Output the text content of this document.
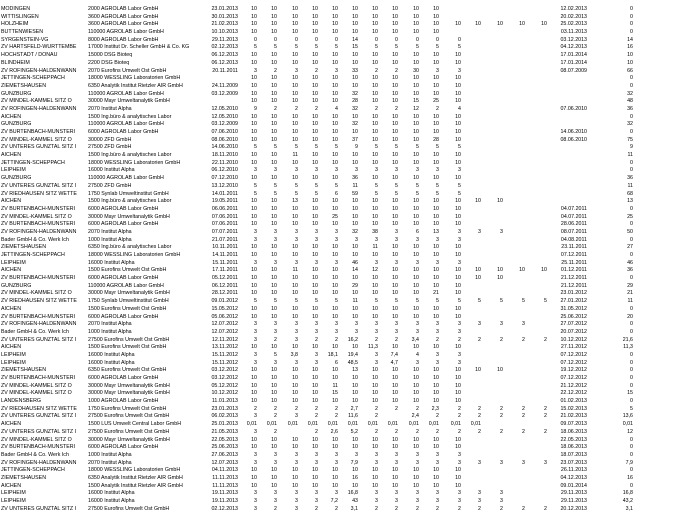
MÖDINGEN	2000 AGROLAB Labor GmbH	23.01.2013	10	10	10	10	10	10	10	10	10	10	12.02.2013	0
WITTISLINGEN	3600 AGROLAB Labor GmbH	30.01.2013	10	10	10	10	10	10	10	10	10	10	20.02.2013	0
HOLZHEIM	3600 AGROLAB Labor GmbH	21.02.2013	10	10	10	10	10	10	10	10	10	10	10	10	10	10	10	25.02.2013	0
BUTTENWIESEN	110000 AGROLAB Labor GmbH	10.10.2013	10	10	10	10	10	10	10	10	10	10	03.11.2013	0
SYRGENSTEIN-VG	8000 AGROLAB Labor GmbH	29.11.2013	0	0	0	0	0	14	0	0	0	0	0	03.12.2013	14
ZV HÄRTSFELD-WÜRTTEMBE	17000 Institut Dr. Scheller GmbH & Co. KG	02.12.2013	5	5	5	5	5	15	5	5	5	5	5	04.12.2013	16
HÖCHSTÄDT / DONAU	15000 DSG Bioteq	06.12.2013	10	10	10	10	10	10	10	10	10	10	10	17.01.2014	10
BLINDHEIM	2200 DSG Bioteq	06.12.2013	10	10	10	10	10	10	10	10	10	10	10	17.01.2014	10
ZV RÖFINGEN-HALDENWANN	2070 Eurofins Umwelt Ost GmbH	20.11.2011	3	2	3	2	3	33	2	2	30	3	3	08.07.2009	66
JETTINGEN-SCHEPPACH	18000 WESSLING Laboratorien GmbH	10	10	10	10	10	10	10	10	10	10	10	0
ZIEMETSHAUSEN	6350 Analytik Institut Rietzler AIR GmbH	24.11.2009	10	10	10	10	10	10	10	10	10	10	10	0
GÜNZBURG	110000 AGROLAB Labor GmbH	03.12.2009	10	10	10	10	10	32	10	10	10	10	10	32
ZV MINDEL-KAMMEL SITZ O	30000 Mayr Umweltanalytik GmbH	10	10	10	10	10	28	10	10	15	25	10	48
ZV RÖFINGEN-HALDENWANN	2070 Institut Alpha	12.05.2010	9	2	2	2	4	32	2	2	12	2	4	07.06.2010	36
AICHEN	1500 Ing.büro & analytisches Labor	12.05.2010	10	10	10	10	10	10	10	10	10	10	10	0
GÜNZBURG	110000 AGROLAB Labor GmbH	03.12.2009	10	10	10	10	10	32	10	10	10	10	10	32
ZV BURTENBACH-MÜNSTERI	6000 AGROLAB Labor GmbH	07.06.2010	10	10	10	10	10	10	10	10	10	10	10	14.06.2010	0
ZV MINDEL-KAMMEL SITZ O	30000 ZFD GmbH	08.06.2010	10	10	10	10	10	37	10	10	10	28	10	08.06.2010	75
ZV UNTERES GÜNZTAL SITZ I	27500 ZFD GmbH	14.06.2010	5	5	5	5	5	9	5	5	5	5	5	9
AICHEN	1500 Ing.büro & analytisches Labor	18.11.2010	10	10	11	10	10	10	10	10	10	10	10	11
JETTINGEN-SCHEPPACH	18000 WESSLING Laboratorien GmbH	22.11.2010	10	10	10	10	10	10	10	10	10	10	10	0
LEIPHEIM	16000 Institut Alpha	06.12.2010	3	3	3	3	3	3	3	3	3	3	3	0
GÜNZBURG	110000 AGROLAB Labor GmbH	07.12.2010	10	10	10	10	10	36	10	10	10	10	10	36
ZV UNTERES GÜNZTAL SITZ I	27500 ZFD GmbH	13.12.2010	5	5	5	5	5	11	5	5	5	5	5	11
ZV RIEDHAUSEN SITZ WETTE	1750 Synlab Umweltinstitut GmbH	14.01.2011	5	5	5	5	6	59	5	5	5	5	5	68
AICHEN	1500 Ing.büro & analytisches Labor	19.05.2011	10	10	13	10	10	10	10	10	10	10	10	10	10	13
ZV BURTENBACH-MÜNSTERI	6000 AGROLAB Labor GmbH	06.06.2011	10	10	10	10	10	10	10	10	10	10	10	04.07.2011	0
ZV MINDEL-KAMMEL SITZ O	30000 Mayr Umweltanalytik GmbH	07.06.2011	10	10	10	10	25	10	10	10	10	10	10	04.07.2011	25
ZV BURTENBACH-MÜNSTERI	6000 AGROLAB Labor GmbH	07.06.2011	10	10	10	10	10	10	10	10	10	10	10	28.06.2011	0
ZV RÖFINGEN-HALDENWANN	2070 Institut Alpha	07.07.2011	3	3	3	3	3	32	38	3	6	13	3	3	3	08.07.2011	50
Bader GmbH & Co. Werk Ich	1000 Institut Alpha	21.07.2011	3	3	3	3	3	3	3	3	3	3	3	04.08.2011	0
ZIEMETSHAUSEN	6350 Ing.büro & analytisches Labor	10.11.2011	10	10	10	10	10	10	11	10	10	10	10	23.11.2011	27
JETTINGEN-SCHEPPACH	18000 WESSLING Laboratorien GmbH	14.11.2011	10	10	10	10	10	10	10	10	10	10	10	07.12.2011	0
LEIPHEIM	16000 Institut Alpha	15.11.2011	3	3	3	3	3	46	3	3	3	3	3	25.11.2011	46
AICHEN	1500 Eurofins Umwelt Ost GmbH	17.11.2011	10	10	11	10	10	14	12	10	10	10	10	10	10	10	10	01.12.2011	36
ZV BURTENBACH-MÜNSTERI	6000 AGROLAB Labor GmbH	05.12.2011	10	10	10	10	10	10	10	10	10	10	10	10	10	21.12.2011	0
GÜNZBURG	110000 AGROLAB Labor GmbH	06.12.2011	10	10	10	10	10	29	10	10	10	10	10	21.12.2011	29
ZV MINDEL-KAMMEL SITZ O	30000 Mayr Umweltanalytik GmbH	28.12.2011	10	10	10	10	10	10	10	10	10	21	10	23.01.2012	21
ZV RIEDHAUSEN SITZ WETTE	1750 Synlab Umweltinstitut GmbH	09.01.2012	5	5	5	5	5	11	5	5	5	5	5	5	5	5	5	27.01.2012	11
AICHEN	1500 Eurofins Umwelt Ost GmbH	15.05.2012	10	10	10	10	10	10	10	10	10	10	10	31.05.2012	0
ZV BURTENBACH-MÜNSTERI	6000 AGROLAB Labor GmbH	05.06.2012	10	10	10	10	10	10	10	10	10	10	10	25.06.2012	20
ZV RÖFINGEN-HALDENWANN	2070 Institut Alpha	12.07.2012	3	3	3	3	3	3	3	3	3	3	3	3	3	3	27.07.2012	0
Bader GmbH & Co. Werk Ich	1000 Institut Alpha	12.07.2012	3	3	3	3	3	3	3	3	3	3	3	20.07.2012	0
ZV UNTERES GÜNZTAL SITZ I	27500 Eurofins Umwelt Ost GmbH	12.11.2012	3	2	3	2	2	16,2	2	2	3,4	2	2	2	2	2	2	10.12.2012	21,6
AICHEN	1500 Eurofins Umwelt Ost GmbH	13.11.2012	10	10	10	10	10	10	11,3	10	10	10	10	27.11.2012	11,3
LEIPHEIM	16000 Institut Alpha	15.11.2012	3	5	3,8	3	18,1	19,4	3	7,4	4	3	3	07.12.2012	0
LEIPHEIM	16000 Institut Alpha	15.11.2012	3	3	3	3	6	48,5	3	4,7	3	3	3	07.12.2012	0
ZIEMETSHAUSEN	6350 Eurofins Umwelt Ost GmbH	03.12.2012	10	10	10	10	10	13	10	10	10	10	10	10	10	19.12.2012	0
ZV BURTENBACH-MÜNSTERI	6000 AGROLAB Labor GmbH	03.12.2012	10	10	10	10	10	10	10	10	10	10	10	07.12.2012	0
ZV MINDEL-KAMMEL SITZ O	30000 Mayr Umweltanalytik GmbH	05.12.2012	10	10	10	10	11	10	10	10	10	10	10	21.12.2012	0
ZV MINDEL-KAMMEL SITZ O	30000 Mayr Umweltanalytik GmbH	10.12.2012	10	10	10	10	15	10	10	10	10	10	10	22.12.2012	15
LANDENSBERG	1000 AGROLAB Labor GmbH	11.01.2013	10	10	10	10	10	10	10	10	10	10	10	01.02.2013	0
ZV RIEDHAUSEN SITZ WETTE	1750 Eurofins Umwelt Ost GmbH	23.01.2013	2	2	2	2	2	2,7	2	2	2	2,3	2	2	2	2	2	15.02.2013	5
ZV UNTERES GÜNZTAL SITZ I	27500 Eurofins Umwelt Ost GmbH	06.02.2013	3	2	3	2	2	11,6	2	2,4	2	2	2	2	2	2	21.02.2013	13,6
AICHEN	1500 LUS Umwelt Central Labor GmbH	25.01.2013	0,01	0,01	0,01	0,01	0,01	0,01	0,01	0,01	0,01	0,01	0,01	0,01	09.07.2013	0,01
ZV UNTERES GÜNZTAL SITZ I	27500 Eurofins Umwelt Ost GmbH	21.05.2013	3	2	2	2,6	5,2	2	2	2	2	2	2	2	2	2	18.06.2013	12
ZV MINDEL-KAMMEL SITZ O	30000 Mayr Umweltanalytik GmbH	22.05.2013	10	10	10	10	10	10	10	10	10	10	10	22.05.2013	0
ZV BURTENBACH-MÜNSTERI	6000 AGROLAB Labor GmbH	25.06.2013	10	10	10	10	10	10	10	10	10	10	10	18.06.2013	0
Bader GmbH & Co. Werk Ich	1000 Institut Alpha	27.06.2013	3	3	3	3	3	3	3	3	3	3	3	18.07.2013	0
ZV RÖFINGEN-HALDENWANN	2070 Institut Alpha	12.07.2013	3	3	3	3	3	7,9	3	3	3	3	3	3	3	3	3	23.07.2013	7,9
JETTINGEN-SCHEPPACH	18000 WESSLING Laboratorien GmbH	04.11.2013	10	10	10	10	10	10	10	10	10	10	10	26.11.2013	0
ZIEMETSHAUSEN	6350 Analytik Institut Rietzler AIR GmbH	11.11.2013	10	10	10	10	10	16	10	10	10	10	10	04.12.2013	16
AICHEN	1500 Analytik Institut Rietzler AIR GmbH	11.11.2013	10	10	10	10	10	10	10	10	10	10	10	09.01.2014	0
LEIPHEIM	16000 Institut Alpha	19.11.2013	3	3	3	3	3	16,8	3	3	3	3	3	3	3	29.11.2013	16,8
LEIPHEIM	16000 Institut Alpha	19.11.2013	3	3	3	3	7,2	43	3	3	3	3	3	3	3	29.11.2013	43,2
ZV UNTERES GÜNZTAL SITZ I	27500 Eurofins Umwelt Ost GmbH	02.12.2013	3	2	3	2	2	3,1	2	2	2	2	2	2	2	2	2	20.12.2013	3,1
